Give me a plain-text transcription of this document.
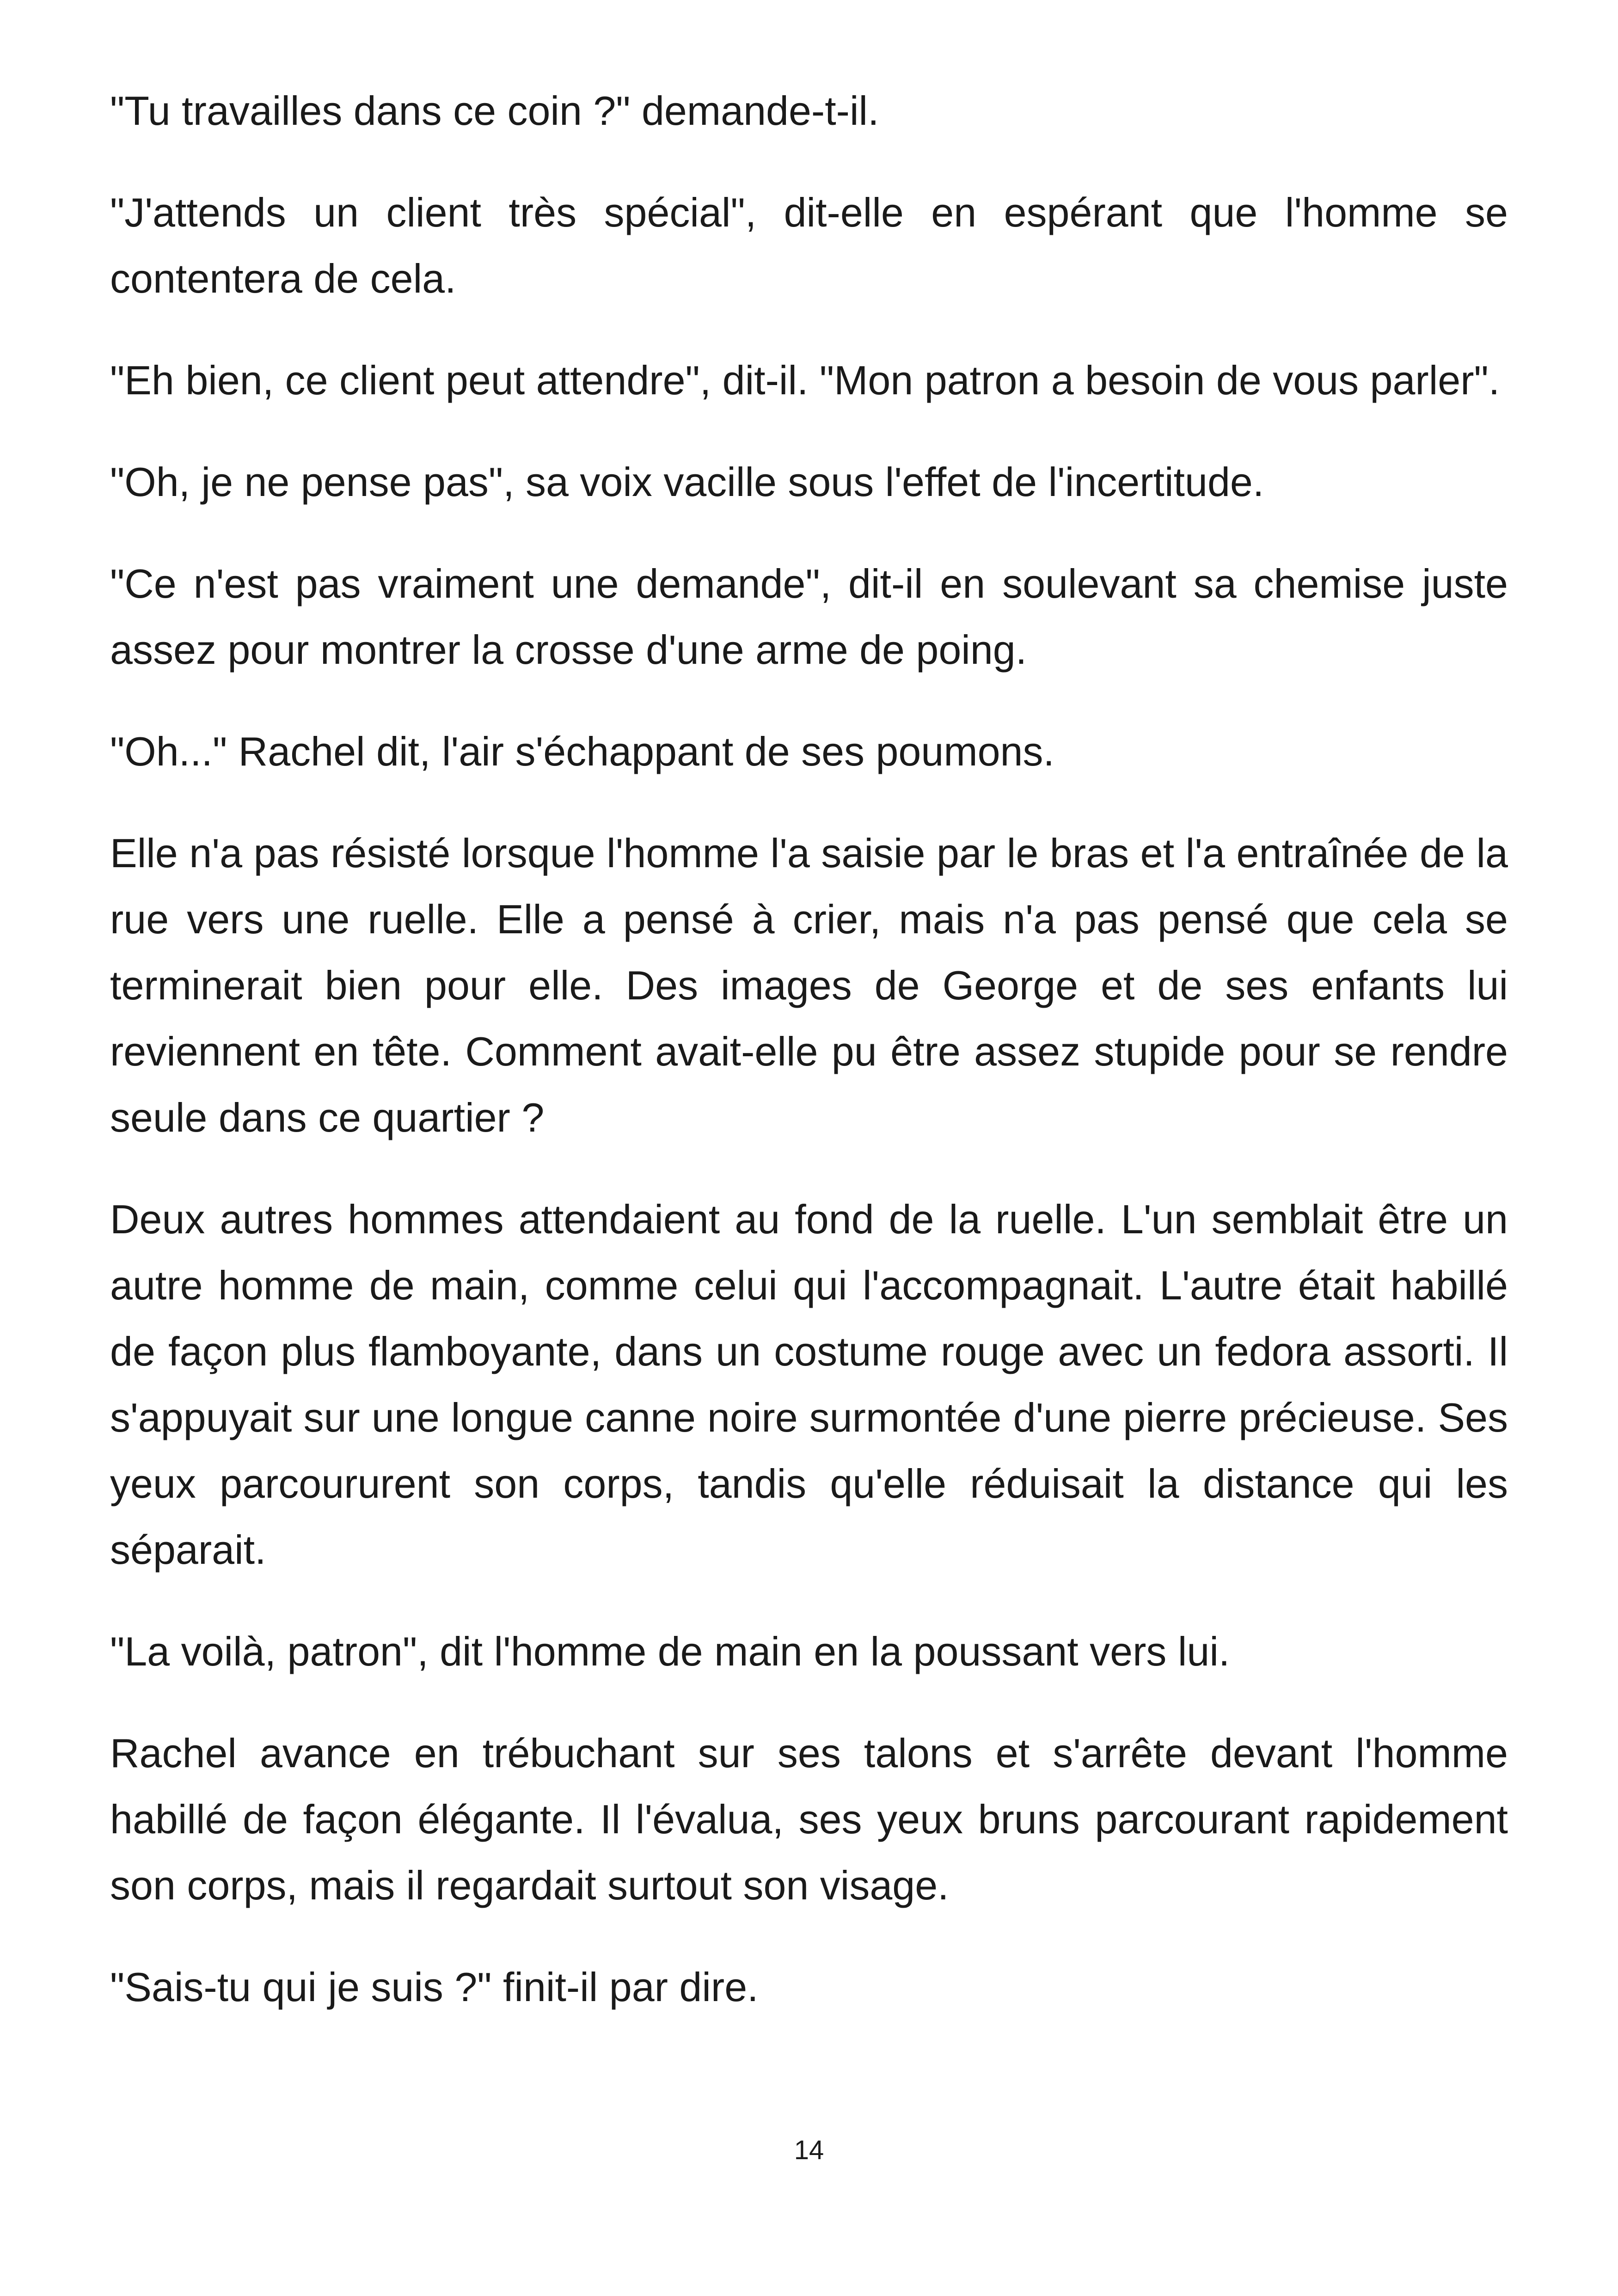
"Tu travailles dans ce coin ?" demande-t-il.

"J'attends un client très spécial", dit-elle en espérant que l'homme se contentera de cela.

"Eh bien, ce client peut attendre", dit-il. "Mon patron a besoin de vous parler".

"Oh, je ne pense pas", sa voix vacille sous l'effet de l'incertitude.

"Ce n'est pas vraiment une demande", dit-il en soulevant sa chemise juste assez pour montrer la crosse d'une arme de poing.

"Oh..." Rachel dit, l'air s'échappant de ses poumons.

Elle n'a pas résisté lorsque l'homme l'a saisie par le bras et l'a entraînée de la rue vers une ruelle. Elle a pensé à crier, mais n'a pas pensé que cela se terminerait bien pour elle. Des images de George et de ses enfants lui reviennent en tête. Comment avait-elle pu être assez stupide pour se rendre seule dans ce quartier ?

Deux autres hommes attendaient au fond de la ruelle. L'un semblait être un autre homme de main, comme celui qui l'accompagnait. L'autre était habillé de façon plus flamboyante, dans un costume rouge avec un fedora assorti. Il s'appuyait sur une longue canne noire surmontée d'une pierre précieuse. Ses yeux parcoururent son corps, tandis qu'elle réduisait la distance qui les séparait.

"La voilà, patron", dit l'homme de main en la poussant vers lui.

Rachel avance en trébuchant sur ses talons et s'arrête devant l'homme habillé de façon élégante. Il l'évalua, ses yeux bruns parcourant rapidement son corps, mais il regardait surtout son visage.

"Sais-tu qui je suis ?" finit-il par dire.

14
